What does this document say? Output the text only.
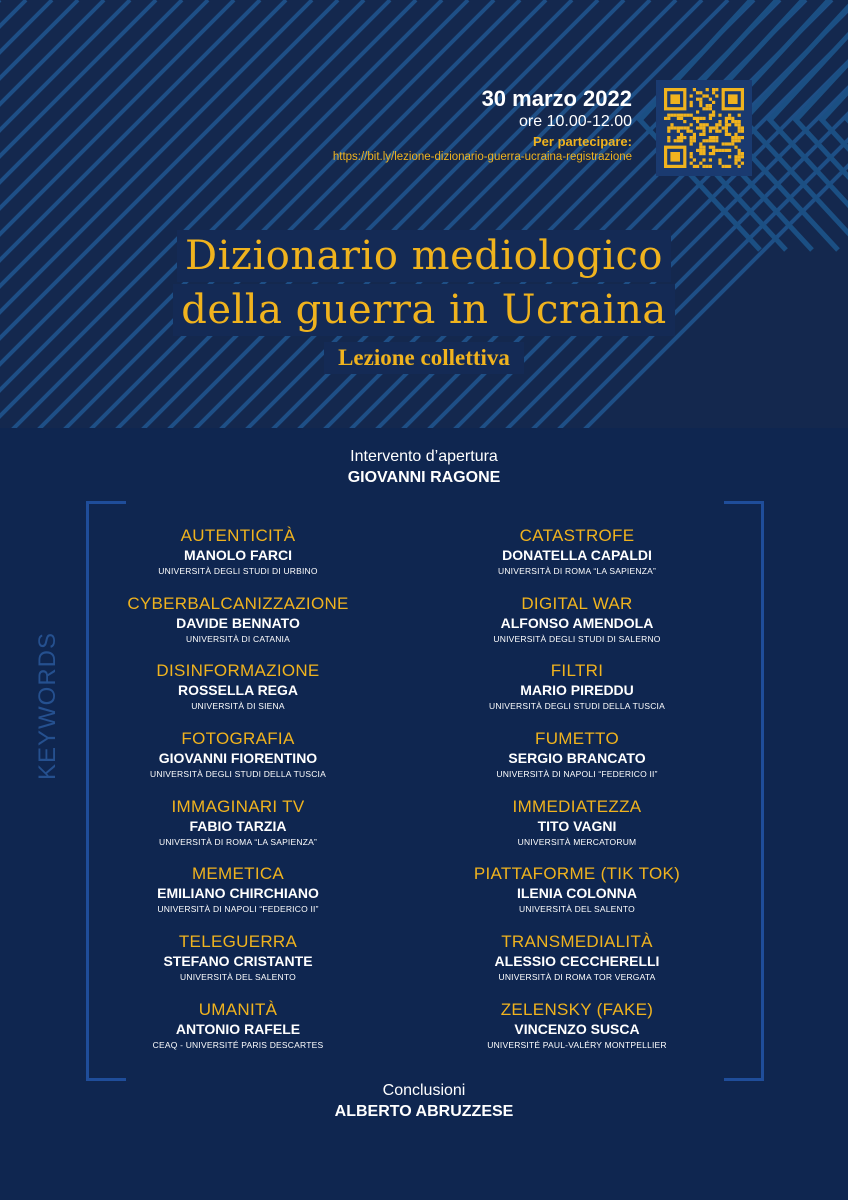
30 marzo 2022
ore 10.00-12.00
Per partecipare:
https://bit.ly/lezione-dizionario-guerra-ucraina-registrazione
Dizionario mediologico
della guerra in Ucraina
Lezione collettiva
Intervento d’apertura
GIOVANNI RAGONE
KEYWORDS
AUTENTICITÀ
MANOLO FARCI
UNIVERSITÀ DEGLI STUDI DI URBINO
CYBERBALCANIZZAZIONE
DAVIDE BENNATO
UNIVERSITÀ DI CATANIA
DISINFORMAZIONE
ROSSELLA REGA
UNIVERSITÀ DI SIENA
FOTOGRAFIA
GIOVANNI FIORENTINO
UNIVERSITÀ DEGLI STUDI DELLA TUSCIA
IMMAGINARI TV
FABIO TARZIA
UNIVERSITÀ DI ROMA “LA SAPIENZA”
MEMETICA
EMILIANO CHIRCHIANO
UNIVERSITÀ DI NAPOLI “FEDERICO II”
TELEGUERRA
STEFANO CRISTANTE
UNIVERSITÀ DEL SALENTO
UMANITÀ
ANTONIO RAFELE
CEAQ - UNIVERSITÉ PARIS DESCARTES
CATASTROFE
DONATELLA CAPALDI
UNIVERSITÀ DI ROMA “LA SAPIENZA”
DIGITAL WAR
ALFONSO AMENDOLA
UNIVERSITÀ DEGLI STUDI DI SALERNO
FILTRI
MARIO PIREDDU
UNIVERSITÀ DEGLI STUDI DELLA TUSCIA
FUMETTO
SERGIO BRANCATO
UNIVERSITÀ DI NAPOLI “FEDERICO II”
IMMEDIATEZZA
TITO VAGNI
UNIVERSITÀ MERCATORUM
PIATTAFORME (TIK TOK)
ILENIA COLONNA
UNIVERSITÀ DEL SALENTO
TRANSMEDIALITÀ
ALESSIO CECCHERELLI
UNIVERSITÀ DI ROMA TOR VERGATA
ZELENSKY (FAKE)
VINCENZO SUSCA
UNIVERSITÉ PAUL-VALÉRY MONTPELLIER
Conclusioni
ALBERTO ABRUZZESE
